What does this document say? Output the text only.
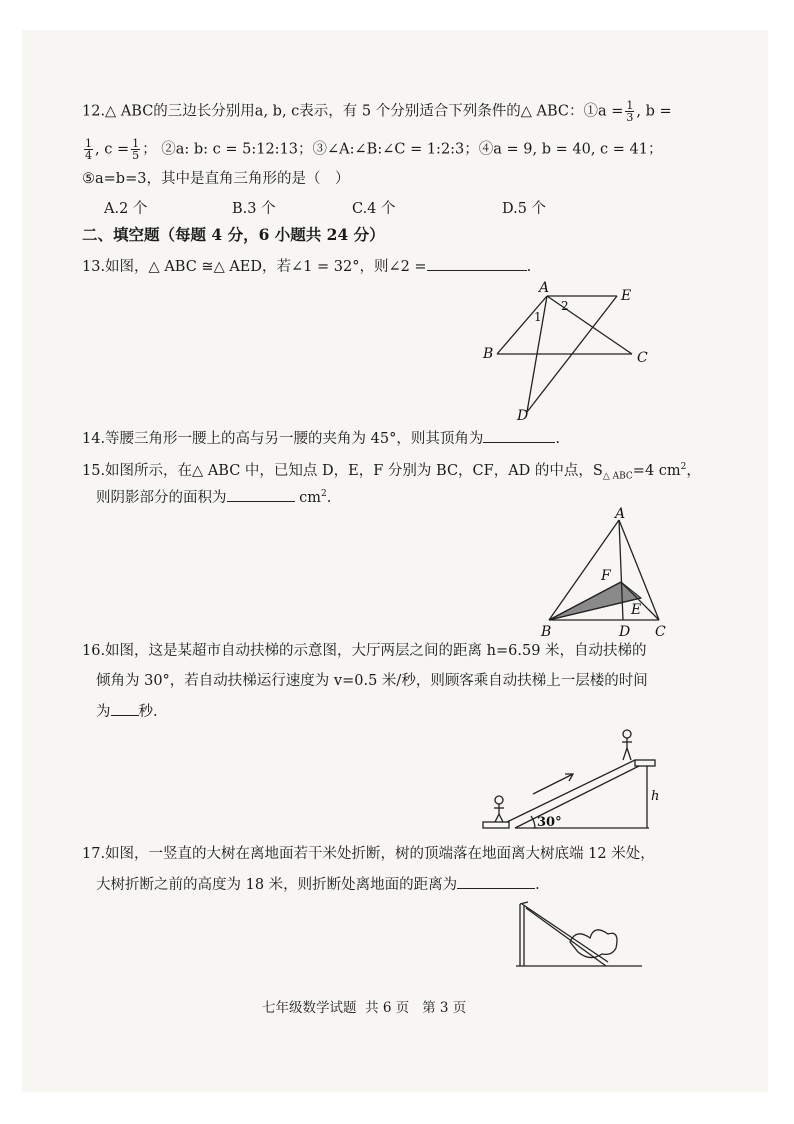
12.△ ABC的三边长分别用a, b, c表示，有 5 个分别适合下列条件的△ ABC：①a = $\frac{1}{3}$ , b =
$\frac{1}{4}$ , $c = \frac{1}{5}$ ； ②a: b: c = 5:12:13；③∠A:∠B:∠C = 1:2:3；④a = 9, b = 40, c = 41；
⑤a=b=3，其中是直角三角形的是（　）
A.2 个	B.3 个	C.4 个	D.5 个
二、填空题（每题 4 分，6 小题共 24 分）
13.如图，△ ABC ≅△ AED，若∠1 = 32°，则∠2 =	.
A	E
B	C
D
1
2
14.等腰三角形一腰上的高与另一腰的夹角为 45°，则其顶角为	.
15.如图所示，在△ ABC 中，已知点 D，E，F 分别为 BC，CF，AD 的中点，$S_{\triangle ABC}=4$ $cm^2$，
则阴影部分的面积为	$cm^2$.
A
F
E
B	D C
16.如图，这是某超市自动扶梯的示意图，大厅两层之间的距离 h=6.59 米，自动扶梯的
倾角为 30°，若自动扶梯运行速度为 v=0.5 米/秒，则顾客乘自动扶梯上一层楼的时间
为 秒.
30°
h
17.如图，一竖直的大树在离地面若干米处折断，树的顶端落在地面离大树底端 12 米处，
大树折断之前的高度为 18 米，则折断处离地面的距离为	.
七年级数学试题 共 6 页 第 3 页
